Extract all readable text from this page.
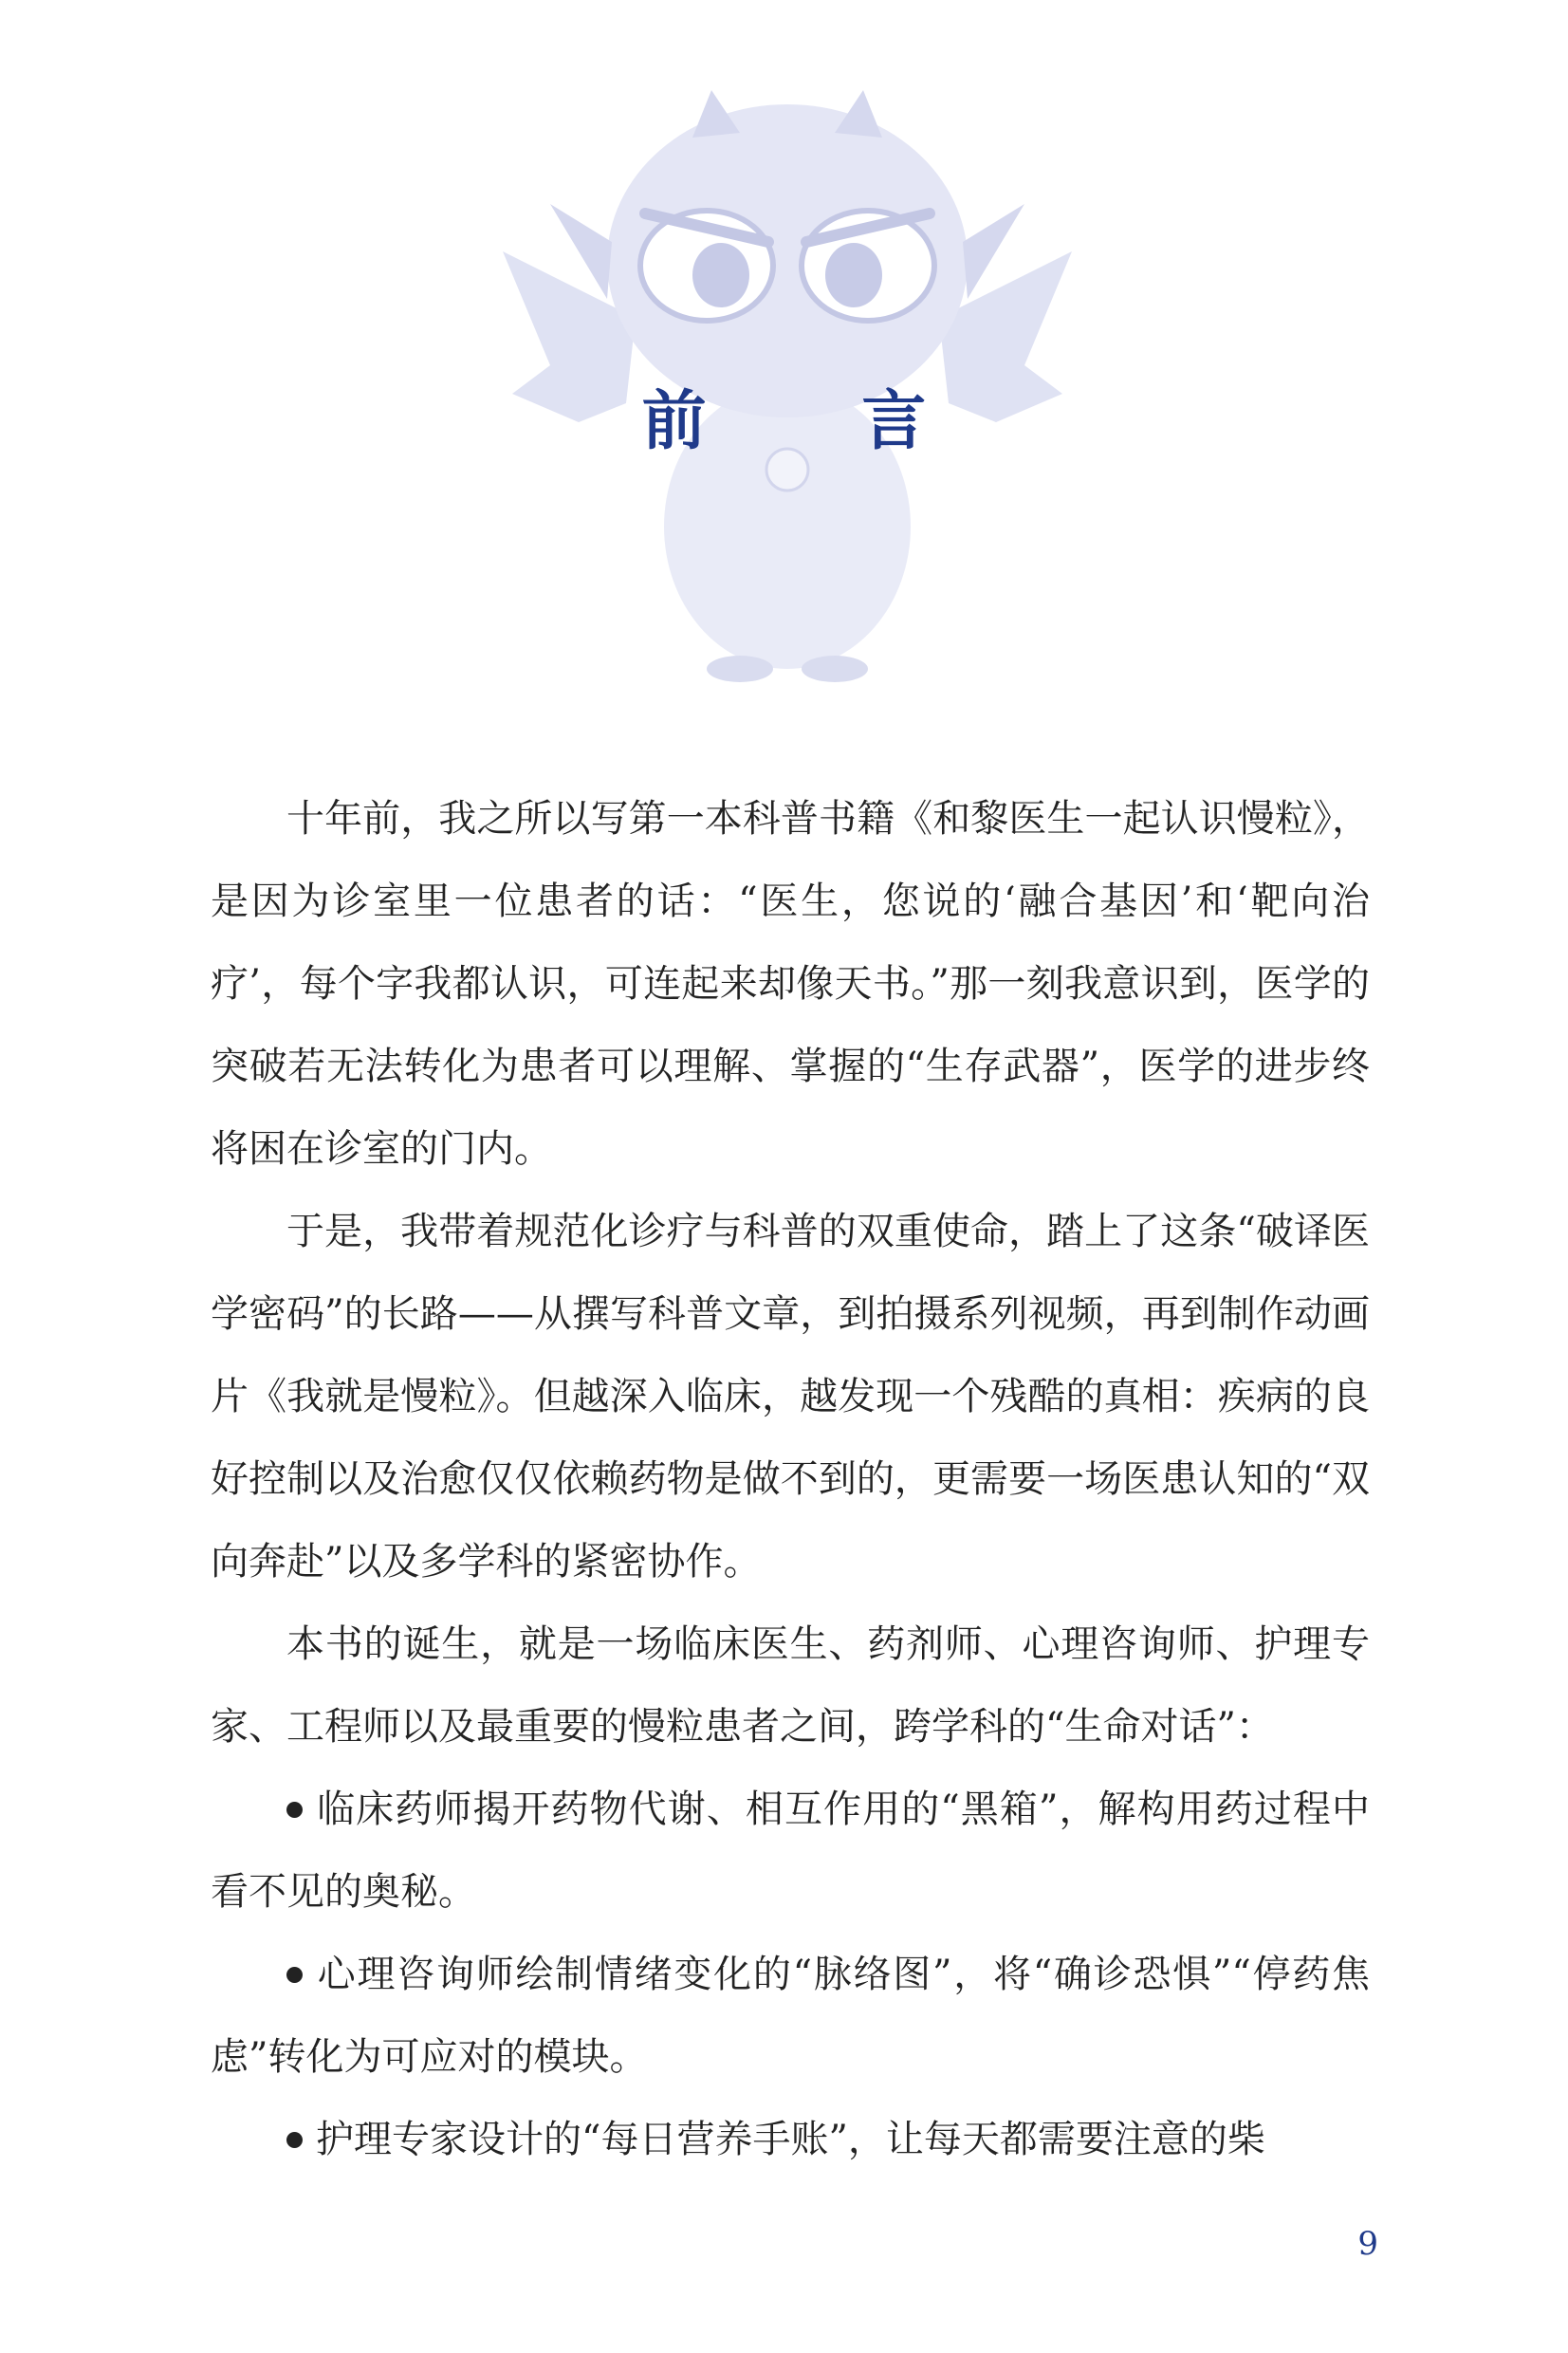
前 言

十年前，我之所以写第一本科普书籍《和黎医生一起认识慢粒》，是因为诊室里一位患者的话：“医生，您说的‘融合基因’和‘靶向治疗’，每个字我都认识，可连起来却像天书。”那一刻我意识到，医学的突破若无法转化为患者可以理解、掌握的“生存武器”，医学的进步终将困在诊室的门内。

于是，我带着规范化诊疗与科普的双重使命，踏上了这条“破译医学密码”的长路——从撰写科普文章，到拍摄系列视频，再到制作动画片《我就是慢粒》。但越深入临床，越发现一个残酷的真相：疾病的良好控制以及治愈仅仅依赖药物是做不到的，更需要一场医患认知的“双向奔赴”以及多学科的紧密协作。

本书的诞生，就是一场临床医生、药剂师、心理咨询师、护理专家、工程师以及最重要的慢粒患者之间，跨学科的“生命对话”：

临床药师揭开药物代谢、相互作用的“黑箱”，解构用药过程中看不见的奥秘。

心理咨询师绘制情绪变化的“脉络图”，将“确诊恐惧”“停药焦虑”转化为可应对的模块。

护理专家设计的“每日营养手账”，让每天都需要注意的柴

9
